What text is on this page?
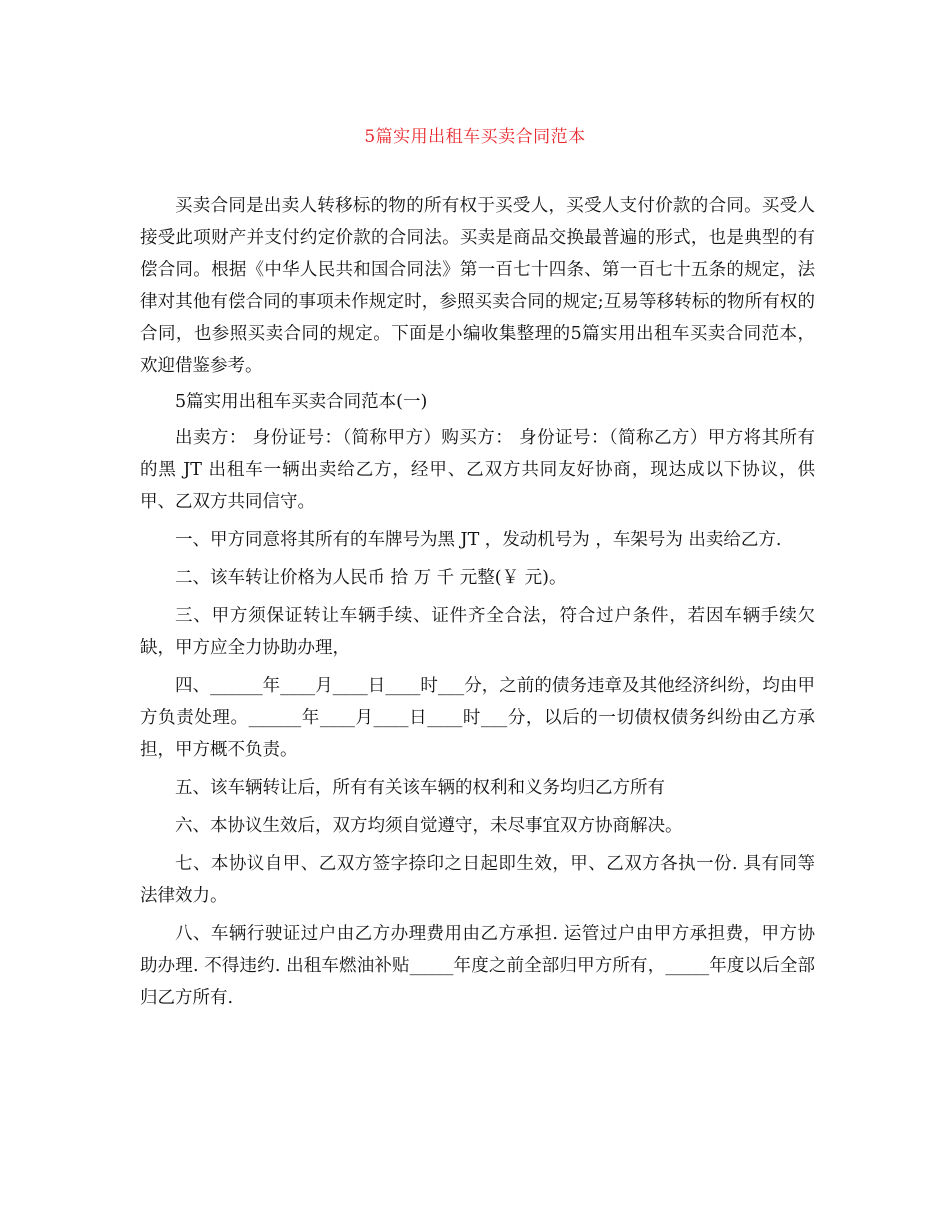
5篇实用出租车买卖合同范本

买卖合同是出卖人转移标的物的所有权于买受人，买受人支付价款的合同。买受人接受此项财产并支付约定价款的合同法。买卖是商品交换最普遍的形式，也是典型的有偿合同。根据《中华人民共和国合同法》第一百七十四条、第一百七十五条的规定，法律对其他有偿合同的事项未作规定时，参照买卖合同的规定;互易等移转标的物所有权的合同，也参照买卖合同的规定。下面是小编收集整理的5篇实用出租车买卖合同范本，欢迎借鉴参考。

5篇实用出租车买卖合同范本(一)

出卖方： 身份证号：（简称甲方）购买方： 身份证号：（简称乙方）甲方将其所有的黑 JT 出租车一辆出卖给乙方，经甲、乙双方共同友好协商，现达成以下协议，供甲、乙双方共同信守。

一、甲方同意将其所有的车牌号为黑 JT ，发动机号为 ，车架号为 出卖给乙方.

二、该车转让价格为人民币 拾 万 千 元整(￥ 元)。

三、甲方须保证转让车辆手续、证件齐全合法，符合过户条件，若因车辆手续欠缺，甲方应全力协助办理，

四、______年____月____日____时___分，之前的债务违章及其他经济纠纷，均由甲方负责处理。______年____月____日____时___分，以后的一切债权债务纠纷由乙方承担，甲方概不负责。

五、该车辆转让后，所有有关该车辆的权利和义务均归乙方所有

六、本协议生效后，双方均须自觉遵守，未尽事宜双方协商解决。

七、本协议自甲、乙双方签字捺印之日起即生效，甲、乙双方各执一份. 具有同等法律效力。

八、车辆行驶证过户由乙方办理费用由乙方承担. 运管过户由甲方承担费，甲方协助办理. 不得违约. 出租车燃油补贴_____年度之前全部归甲方所有，_____年度以后全部归乙方所有.
